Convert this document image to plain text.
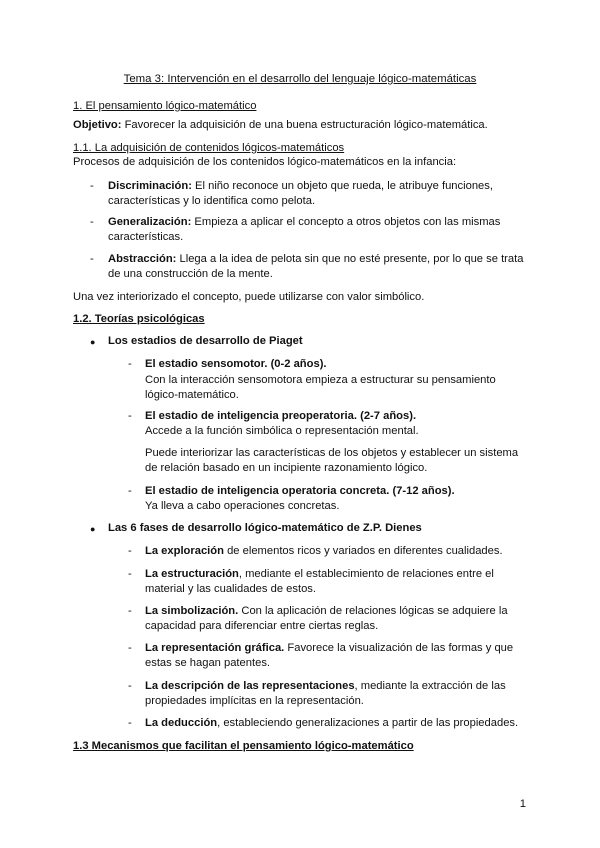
Tema 3: Intervención en el desarrollo del lenguaje lógico-matemáticas
1. El pensamiento lógico-matemático
Objetivo: Favorecer la adquisición de una buena estructuración lógico-matemática.
1.1. La adquisición de contenidos lógicos-matemáticos
Procesos de adquisición de los contenidos lógico-matemáticos en la infancia:
-	Discriminación: El niño reconoce un objeto que rueda, le atribuye funciones,
características y lo identifica como pelota.
-	Generalización: Empieza a aplicar el concepto a otros objetos con las mismas
características.
-	Abstracción: Llega a la idea de pelota sin que no esté presente, por lo que se trata
de una construcción de la mente.
Una vez interiorizado el concepto, puede utilizarse con valor simbólico.
1.2. Teorías psicológicas
● Los estadios de desarrollo de Piaget
-	El estadio sensomotor. (0-2 años).
Con la interacción sensomotora empieza a estructurar su pensamiento
lógico-matemático.
-	El estadio de inteligencia preoperatoria. (2-7 años).
Accede a la función simbólica o representación mental.
Puede interiorizar las características de los objetos y establecer un sistema
de relación basado en un incipiente razonamiento lógico.
-	El estadio de inteligencia operatoria concreta. (7-12 años).
Ya lleva a cabo operaciones concretas.
● Las 6 fases de desarrollo lógico-matemático de Z.P. Dienes
-	La exploración de elementos ricos y variados en diferentes cualidades.
-	La estructuración, mediante el establecimiento de relaciones entre el
material y las cualidades de estos.
-	La simbolización. Con la aplicación de relaciones lógicas se adquiere la
capacidad para diferenciar entre ciertas reglas.
-	La representación gráfica. Favorece la visualización de las formas y que
estas se hagan patentes.
-	La descripción de las representaciones, mediante la extracción de las
propiedades implícitas en la representación.
-	La deducción, estableciendo generalizaciones a partir de las propiedades.
1.3 Mecanismos que facilitan el pensamiento lógico-matemático
1
